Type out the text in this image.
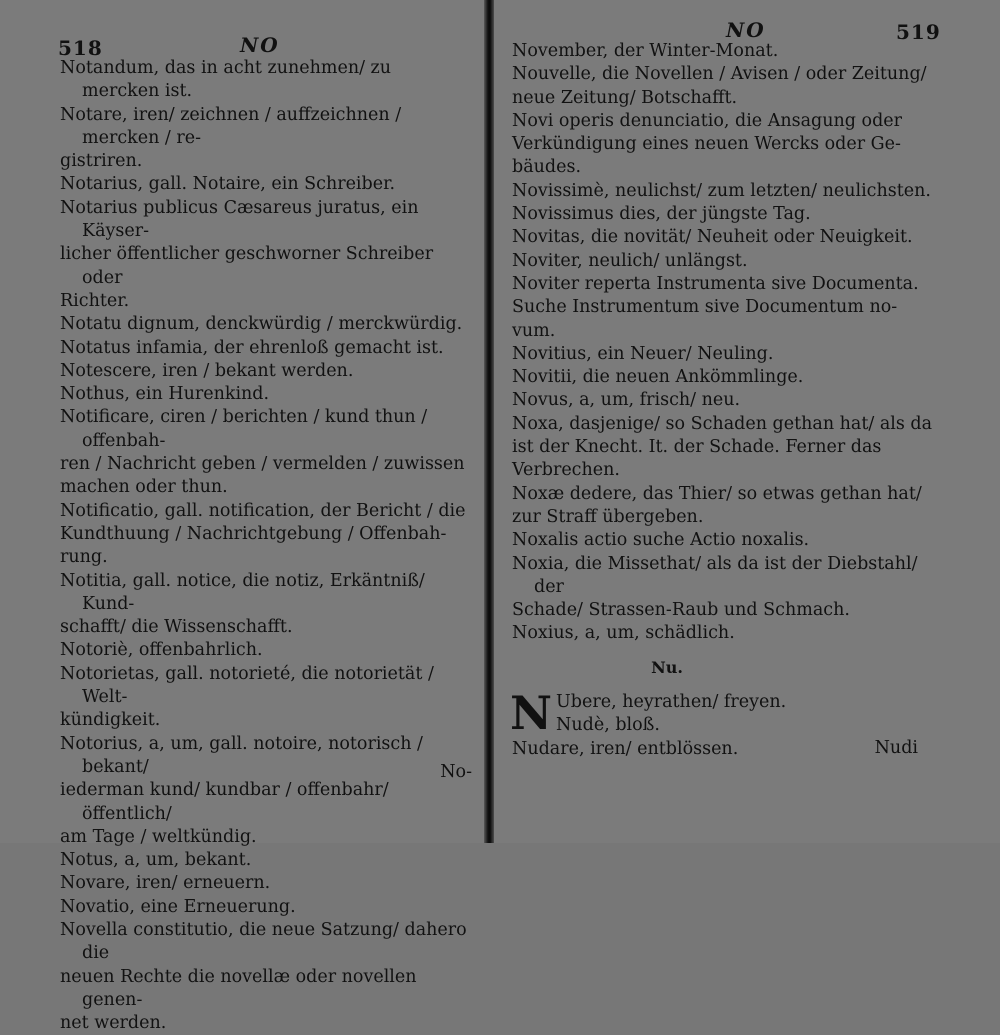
518	NO
Notandum, das in acht zunehmen/ zu mercken ist.
Notare, iren/ zeichnen / auffzeichnen / mercken / re-
gistriren.
Notarius, gall. Notaire, ein Schreiber.
Notarius publicus Cæsareus juratus, ein Käyser-
licher öffentlicher geschworner Schreiber oder
Richter.
Notatu dignum, denckwürdig / merckwürdig.
Notatus infamia, der ehrenloß gemacht ist.
Notescere, iren / bekant werden.
Nothus, ein Hurenkind.
Notificare, ciren / berichten / kund thun / offenbah-
ren / Nachricht geben / vermelden / zuwissen
machen oder thun.
Notificatio, gall. notification, der Bericht / die
Kundthuung / Nachrichtgebung / Offenbah-
rung.
Notitia, gall. notice, die notiz, Erkäntniß/ Kund-
schafft/ die Wissenschafft.
Notoriè, offenbahrlich.
Notorietas, gall. notorieté, die notorietät / Welt-
kündigkeit.
Notorius, a, um, gall. notoire, notorisch / bekant/
iederman kund/ kundbar / offenbahr/ öffentlich/
am Tage / weltkündig.
Notus, a, um, bekant.
Novare, iren/ erneuern.
Novatio, eine Erneuerung.
Novella constitutio, die neue Satzung/ dahero die
neuen Rechte die novellæ oder novellen genen-
net werden.
No-
NO	519
November, der Winter-Monat.
Nouvelle, die Novellen / Avisen / oder Zeitung/
neue Zeitung/ Botschafft.
Novi operis denunciatio, die Ansagung oder
Verkündigung eines neuen Wercks oder Ge-
bäudes.
Novissimè, neulichst/ zum letzten/ neulichsten.
Novissimus dies, der jüngste Tag.
Novitas, die novität/ Neuheit oder Neuigkeit.
Noviter, neulich/ unlängst.
Noviter reperta Instrumenta sive Documenta.
Suche Instrumentum sive Documentum no-
vum.
Novitius, ein Neuer/ Neuling.
Novitii, die neuen Ankömmlinge.
Novus, a, um, frisch/ neu.
Noxa, dasjenige/ so Schaden gethan hat/ als da
ist der Knecht. It. der Schade. Ferner das
Verbrechen.
Noxæ dedere, das Thier/ so etwas gethan hat/
zur Straff übergeben.
Noxalis actio suche Actio noxalis.
Noxia, die Missethat/ als da ist der Diebstahl/ der
Schade/ Strassen-Raub und Schmach.
Noxius, a, um, schädlich.
Nu.
N Ubere, heyrathen/ freyen.
Nudè, bloß.
Nudare, iren/ entblössen.	Nudi
